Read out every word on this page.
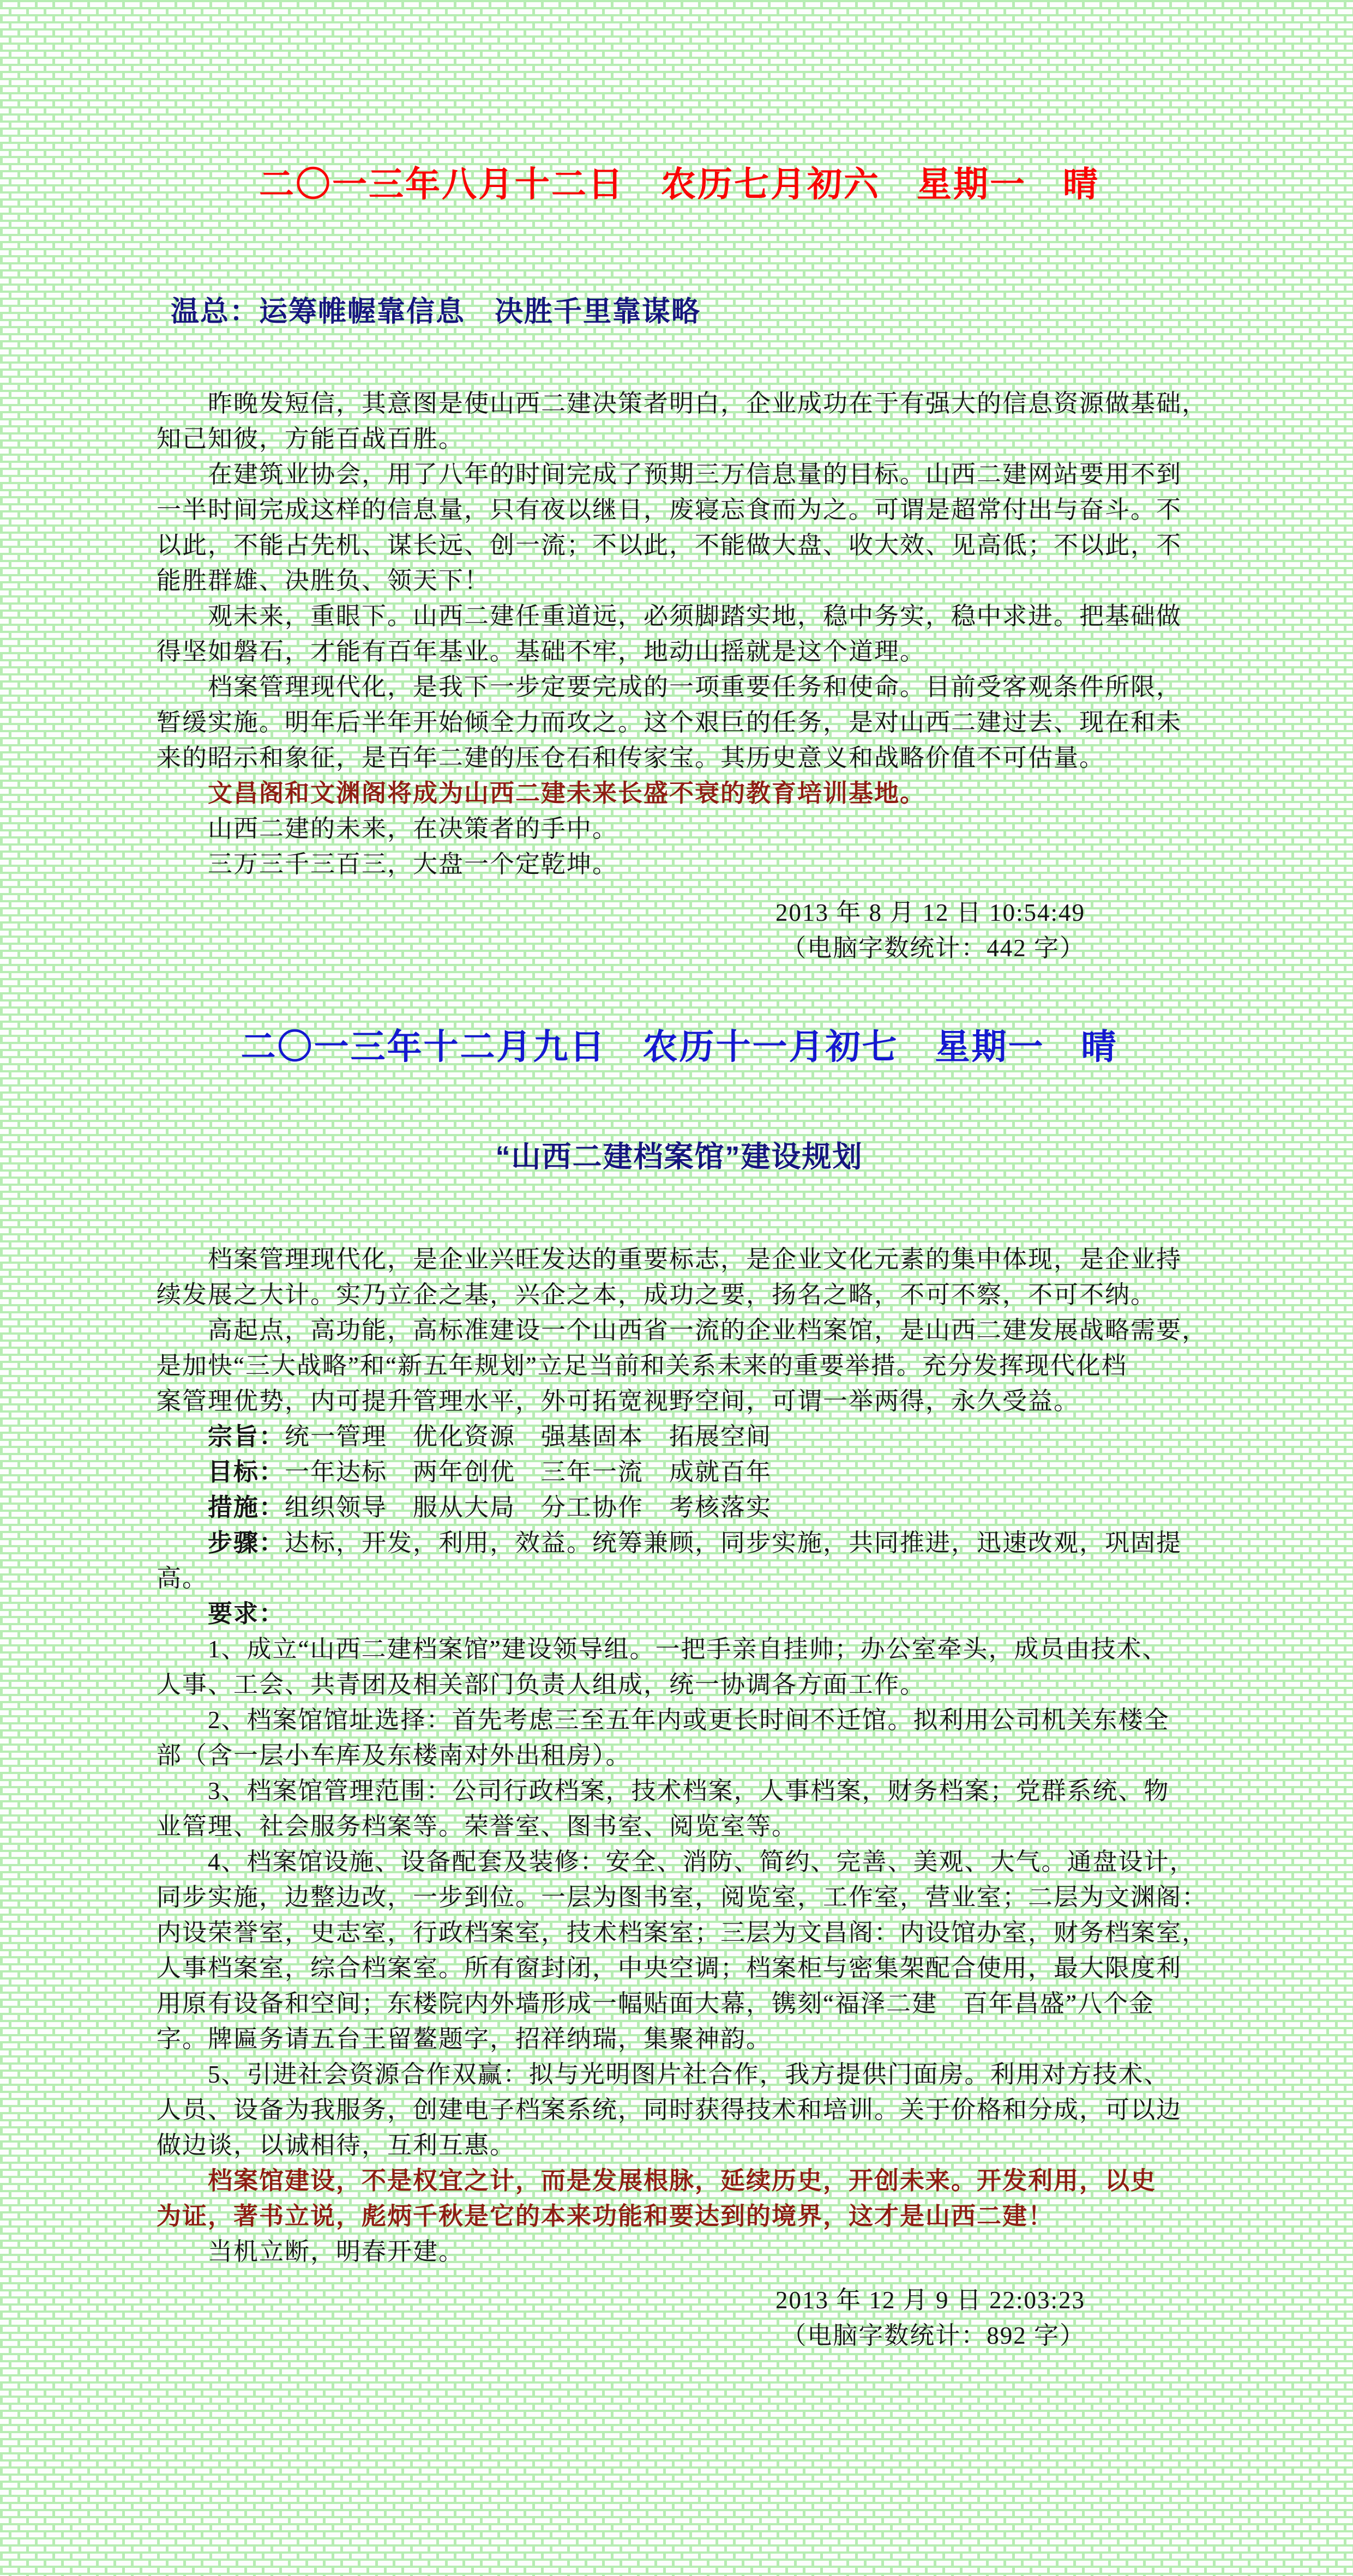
二〇一三年八月十二日　农历七月初六　星期一　晴

温总：运筹帷幄靠信息　决胜千里靠谋略

昨晚发短信，其意图是使山西二建决策者明白，企业成功在于有强大的信息资源做基础，
知己知彼，方能百战百胜。
在建筑业协会，用了八年的时间完成了预期三万信息量的目标。山西二建网站要用不到
一半时间完成这样的信息量，只有夜以继日，废寝忘食而为之。可谓是超常付出与奋斗。不
以此，不能占先机、谋长远、创一流；不以此，不能做大盘、收大效、见高低；不以此，不
能胜群雄、决胜负、领天下！
观未来，重眼下。山西二建任重道远，必须脚踏实地，稳中务实，稳中求进。把基础做
得坚如磐石，才能有百年基业。基础不牢，地动山摇就是这个道理。
档案管理现代化，是我下一步定要完成的一项重要任务和使命。目前受客观条件所限，
暂缓实施。明年后半年开始倾全力而攻之。这个艰巨的任务，是对山西二建过去、现在和未
来的昭示和象征，是百年二建的压仓石和传家宝。其历史意义和战略价值不可估量。
文昌阁和文渊阁将成为山西二建未来长盛不衰的教育培训基地。
山西二建的未来，在决策者的手中。
三万三千三百三，大盘一个定乾坤。
2013 年 8 月 12 日 10:54:49
（电脑字数统计：442 字）
二〇一三年十二月九日　农历十一月初七　星期一　晴
“山西二建档案馆”建设规划
档案管理现代化，是企业兴旺发达的重要标志，是企业文化元素的集中体现，是企业持
续发展之大计。实乃立企之基，兴企之本，成功之要，扬名之略，不可不察，不可不纳。
高起点，高功能，高标准建设一个山西省一流的企业档案馆，是山西二建发展战略需要，
是加快“三大战略”和“新五年规划”立足当前和关系未来的重要举措。充分发挥现代化档
案管理优势，内可提升管理水平，外可拓宽视野空间，可谓一举两得，永久受益。
宗旨：统一管理　优化资源　强基固本　拓展空间
目标：一年达标　两年创优　三年一流　成就百年
措施：组织领导　服从大局　分工协作　考核落实
步骤：达标，开发，利用，效益。统筹兼顾，同步实施，共同推进，迅速改观，巩固提
高。
要求：
1、成立“山西二建档案馆”建设领导组。一把手亲自挂帅；办公室牵头，成员由技术、
人事、工会、共青团及相关部门负责人组成，统一协调各方面工作。
2、档案馆馆址选择：首先考虑三至五年内或更长时间不迁馆。拟利用公司机关东楼全
部（含一层小车库及东楼南对外出租房）。
3、档案馆管理范围：公司行政档案，技术档案，人事档案，财务档案；党群系统、物
业管理、社会服务档案等。荣誉室、图书室、阅览室等。
4、档案馆设施、设备配套及装修：安全、消防、简约、完善、美观、大气。通盘设计，
同步实施，边整边改，一步到位。一层为图书室，阅览室，工作室，营业室；二层为文渊阁：
内设荣誉室，史志室，行政档案室，技术档案室；三层为文昌阁：内设馆办室，财务档案室，
人事档案室，综合档案室。所有窗封闭，中央空调；档案柜与密集架配合使用，最大限度利
用原有设备和空间；东楼院内外墙形成一幅贴面大幕，镌刻“福泽二建　百年昌盛”八个金
字。牌匾务请五台王留鳌题字，招祥纳瑞，集聚神韵。
5、引进社会资源合作双赢：拟与光明图片社合作，我方提供门面房。利用对方技术、
人员、设备为我服务，创建电子档案系统，同时获得技术和培训。关于价格和分成，可以边
做边谈，以诚相待，互利互惠。
档案馆建设，不是权宜之计，而是发展根脉，延续历史，开创未来。开发利用，以史
为证，著书立说，彪炳千秋是它的本来功能和要达到的境界，这才是山西二建！
当机立断，明春开建。
2013 年 12 月 9 日 22:03:23
（电脑字数统计：892 字）
